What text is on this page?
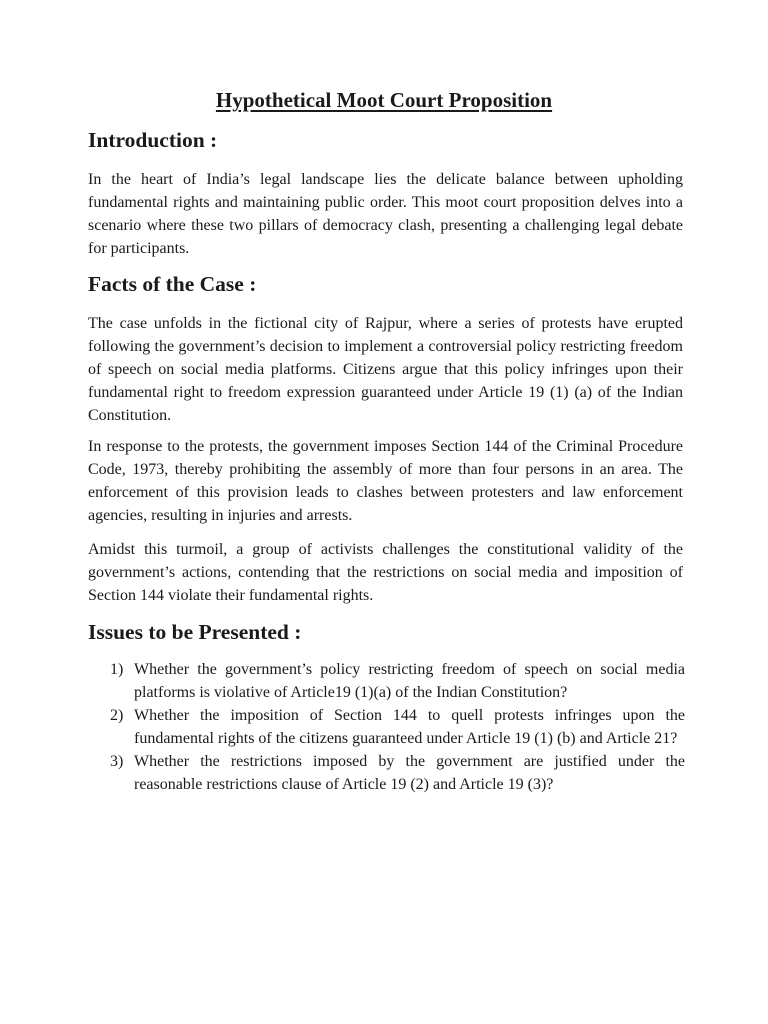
Hypothetical Moot Court Proposition
Introduction :

In the heart of India’s legal landscape lies the delicate balance between upholding fundamental rights and maintaining public order. This moot court proposition delves into a scenario where these two pillars of democracy clash, presenting a challenging legal debate for participants.

Facts of the Case :

The case unfolds in the fictional city of Rajpur, where a series of protests have erupted following the government’s decision to implement a controversial policy restricting freedom of speech on social media platforms. Citizens argue that this policy infringes upon their fundamental right to freedom expression guaranteed under Article 19 (1) (a) of the Indian Constitution.

In response to the protests, the government imposes Section 144 of the Criminal Procedure Code, 1973, thereby prohibiting the assembly of more than four persons in an area. The enforcement of this provision leads to clashes between protesters and law enforcement agencies, resulting in injuries and arrests.

Amidst this turmoil, a group of activists challenges the constitutional validity of the government’s actions, contending that the restrictions on social media and imposition of Section 144 violate their fundamental rights.

Issues to be Presented :
1) Whether the government’s policy restricting freedom of speech on social media platforms is violative of Article19 (1)(a) of the Indian Constitution?
2) Whether the imposition of Section 144 to quell protests infringes upon the fundamental rights of the citizens guaranteed under Article 19 (1) (b) and Article 21?
3) Whether the restrictions imposed by the government are justified under the reasonable restrictions clause of Article 19 (2) and Article 19 (3)?
